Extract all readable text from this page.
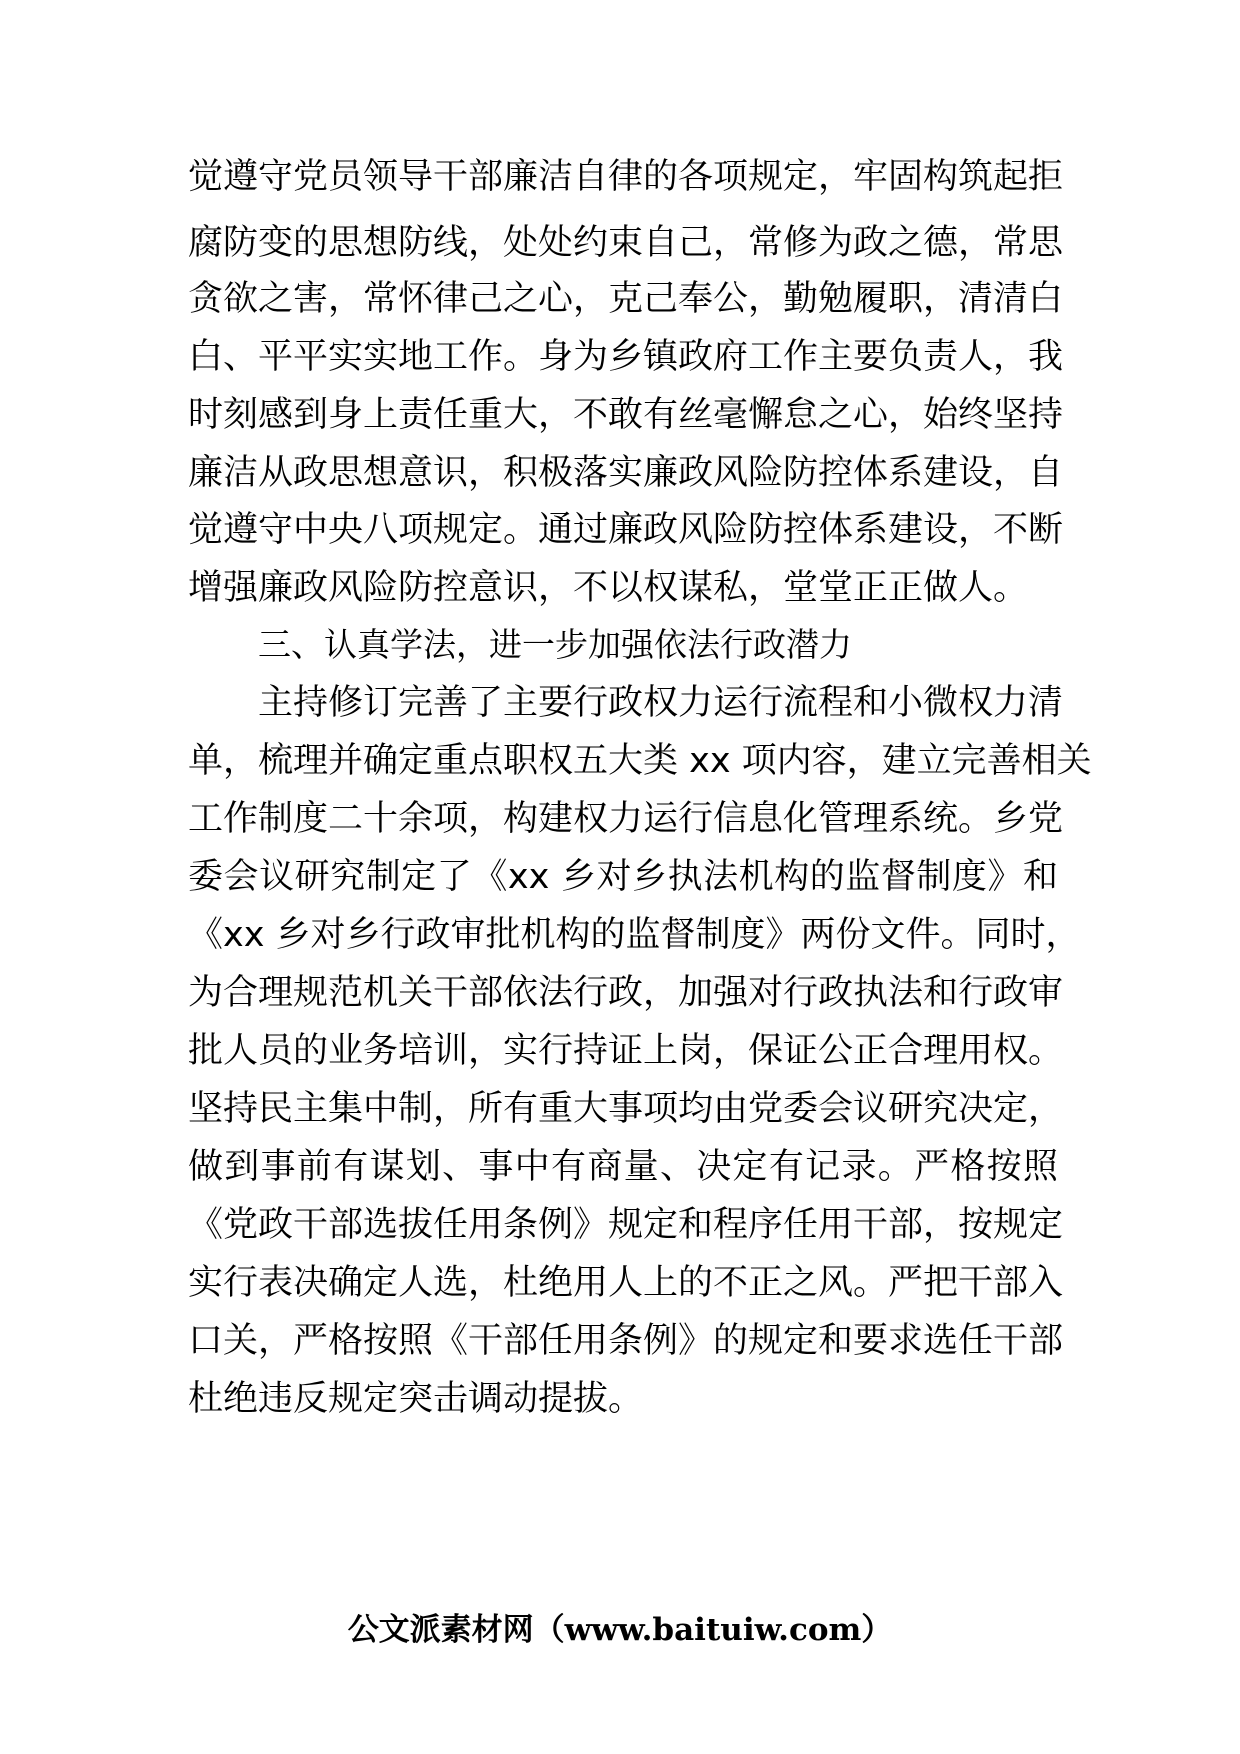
觉遵守党员领导干部廉洁自律的各项规定，牢固构筑起拒
腐防变的思想防线，处处约束自己，常修为政之德，常思
贪欲之害，常怀律己之心，克己奉公，勤勉履职，清清白
白、平平实实地工作。身为乡镇政府工作主要负责人，我
时刻感到身上责任重大，不敢有丝毫懈怠之心，始终坚持
廉洁从政思想意识，积极落实廉政风险防控体系建设，自
觉遵守中央八项规定。通过廉政风险防控体系建设，不断
增强廉政风险防控意识，不以权谋私，堂堂正正做人。
三、认真学法，进一步加强依法行政潜力
主持修订完善了主要行政权力运行流程和小微权力清
单，梳理并确定重点职权五大类 xx 项内容，建立完善相关
工作制度二十余项，构建权力运行信息化管理系统。乡党
委会议研究制定了《xx 乡对乡执法机构的监督制度》和
《xx 乡对乡行政审批机构的监督制度》两份文件。同时，
为合理规范机关干部依法行政，加强对行政执法和行政审
批人员的业务培训，实行持证上岗，保证公正合理用权。
坚持民主集中制，所有重大事项均由党委会议研究决定，
做到事前有谋划、事中有商量、决定有记录。严格按照
《党政干部选拔任用条例》规定和程序任用干部，按规定
实行表决确定人选，杜绝用人上的不正之风。严把干部入
口关，严格按照《干部任用条例》的规定和要求选任干部
杜绝违反规定突击调动提拔。
公文派素材网（www.baituiw.com）
